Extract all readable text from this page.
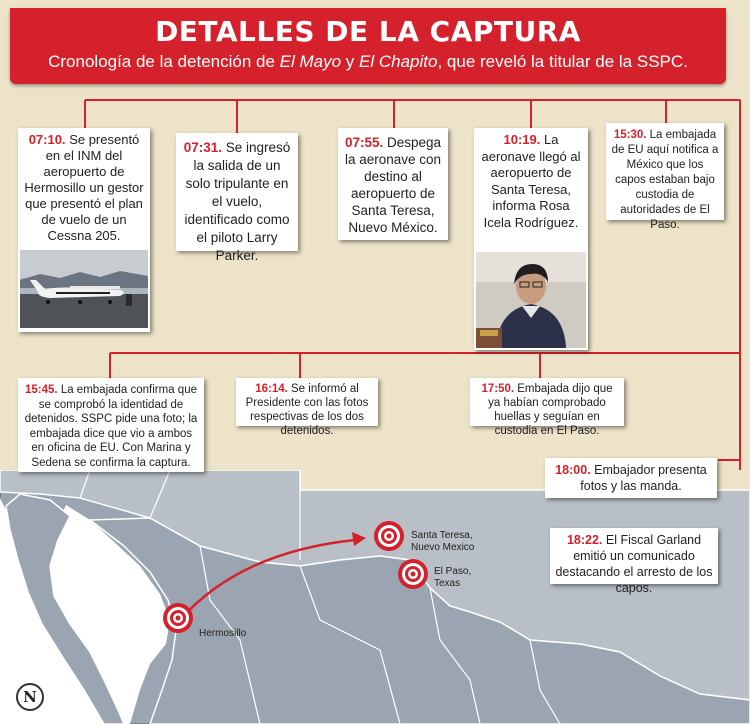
DETALLES DE LA CAPTURA
Cronología de la detención de El Mayo y El Chapito, que reveló la titular de la SSPC.
07:10. Se presentó en el INM del aeropuerto de Hermosillo un gestor que presentó el plan de vuelo de un Cessna 205.
07:31. Se ingresó la salida de un solo tripulante en el vuelo, identificado como el piloto Larry Parker.
07:55. Despega la aeronave con destino al aeropuerto de Santa Teresa, Nuevo México.
10:19. La aeronave llegó al aeropuerto de Santa Teresa, informa Rosa Icela Rodríguez.
15:30. La embajada de EU aquí notifica a México que los capos estaban bajo custodia de autoridades de El Paso.
Hermosillo
Santa Teresa,
Nuevo Mexico
El Paso,
Texas
15:45. La embajada confirma que se comprobó la identidad de detenidos. SSPC pide una foto; la embajada dice que vio a ambos en oficina de EU. Con Marina y Sedena se confirma la captura.
16:14. Se informó al Presidente con las fotos respectivas de los dos detenidos.
17:50. Embajada dijo que ya habían comprobado huellas y seguían en custodia en El Paso.
18:00. Embajador presenta fotos y las manda.
18:22. El Fiscal Garland emitió un comunicado destacando el arresto de los capos.
N
